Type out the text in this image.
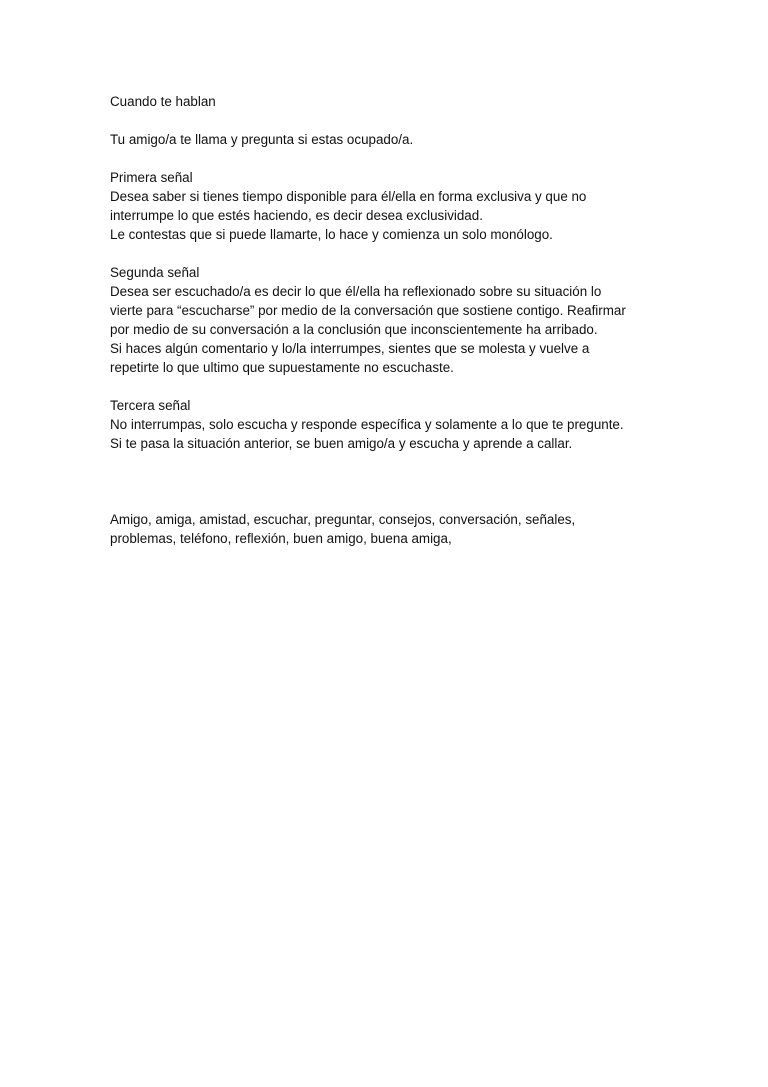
Cuando te hablan

Tu amigo/a te llama y pregunta si estas ocupado/a.

Primera señal

Desea saber si tienes tiempo disponible para él/ella en forma exclusiva y que no

interrumpe lo que estés haciendo, es decir desea exclusividad.

Le contestas que si puede llamarte, lo hace y comienza un solo monólogo.

Segunda señal

Desea ser escuchado/a es decir lo que él/ella ha reflexionado sobre su situación lo

vierte para “escucharse” por medio de la conversación que sostiene contigo. Reafirmar

por medio de su conversación a la conclusión que inconscientemente ha arribado.

Si haces algún comentario y lo/la interrumpes, sientes que se molesta y vuelve a

repetirte lo que ultimo que supuestamente no escuchaste.

Tercera señal

No interrumpas, solo escucha y responde específica y solamente a lo que te pregunte.

Si te pasa la situación anterior, se buen amigo/a y escucha y aprende a callar.

Amigo, amiga, amistad, escuchar, preguntar, consejos, conversación, señales,

problemas, teléfono, reflexión, buen amigo, buena amiga,
